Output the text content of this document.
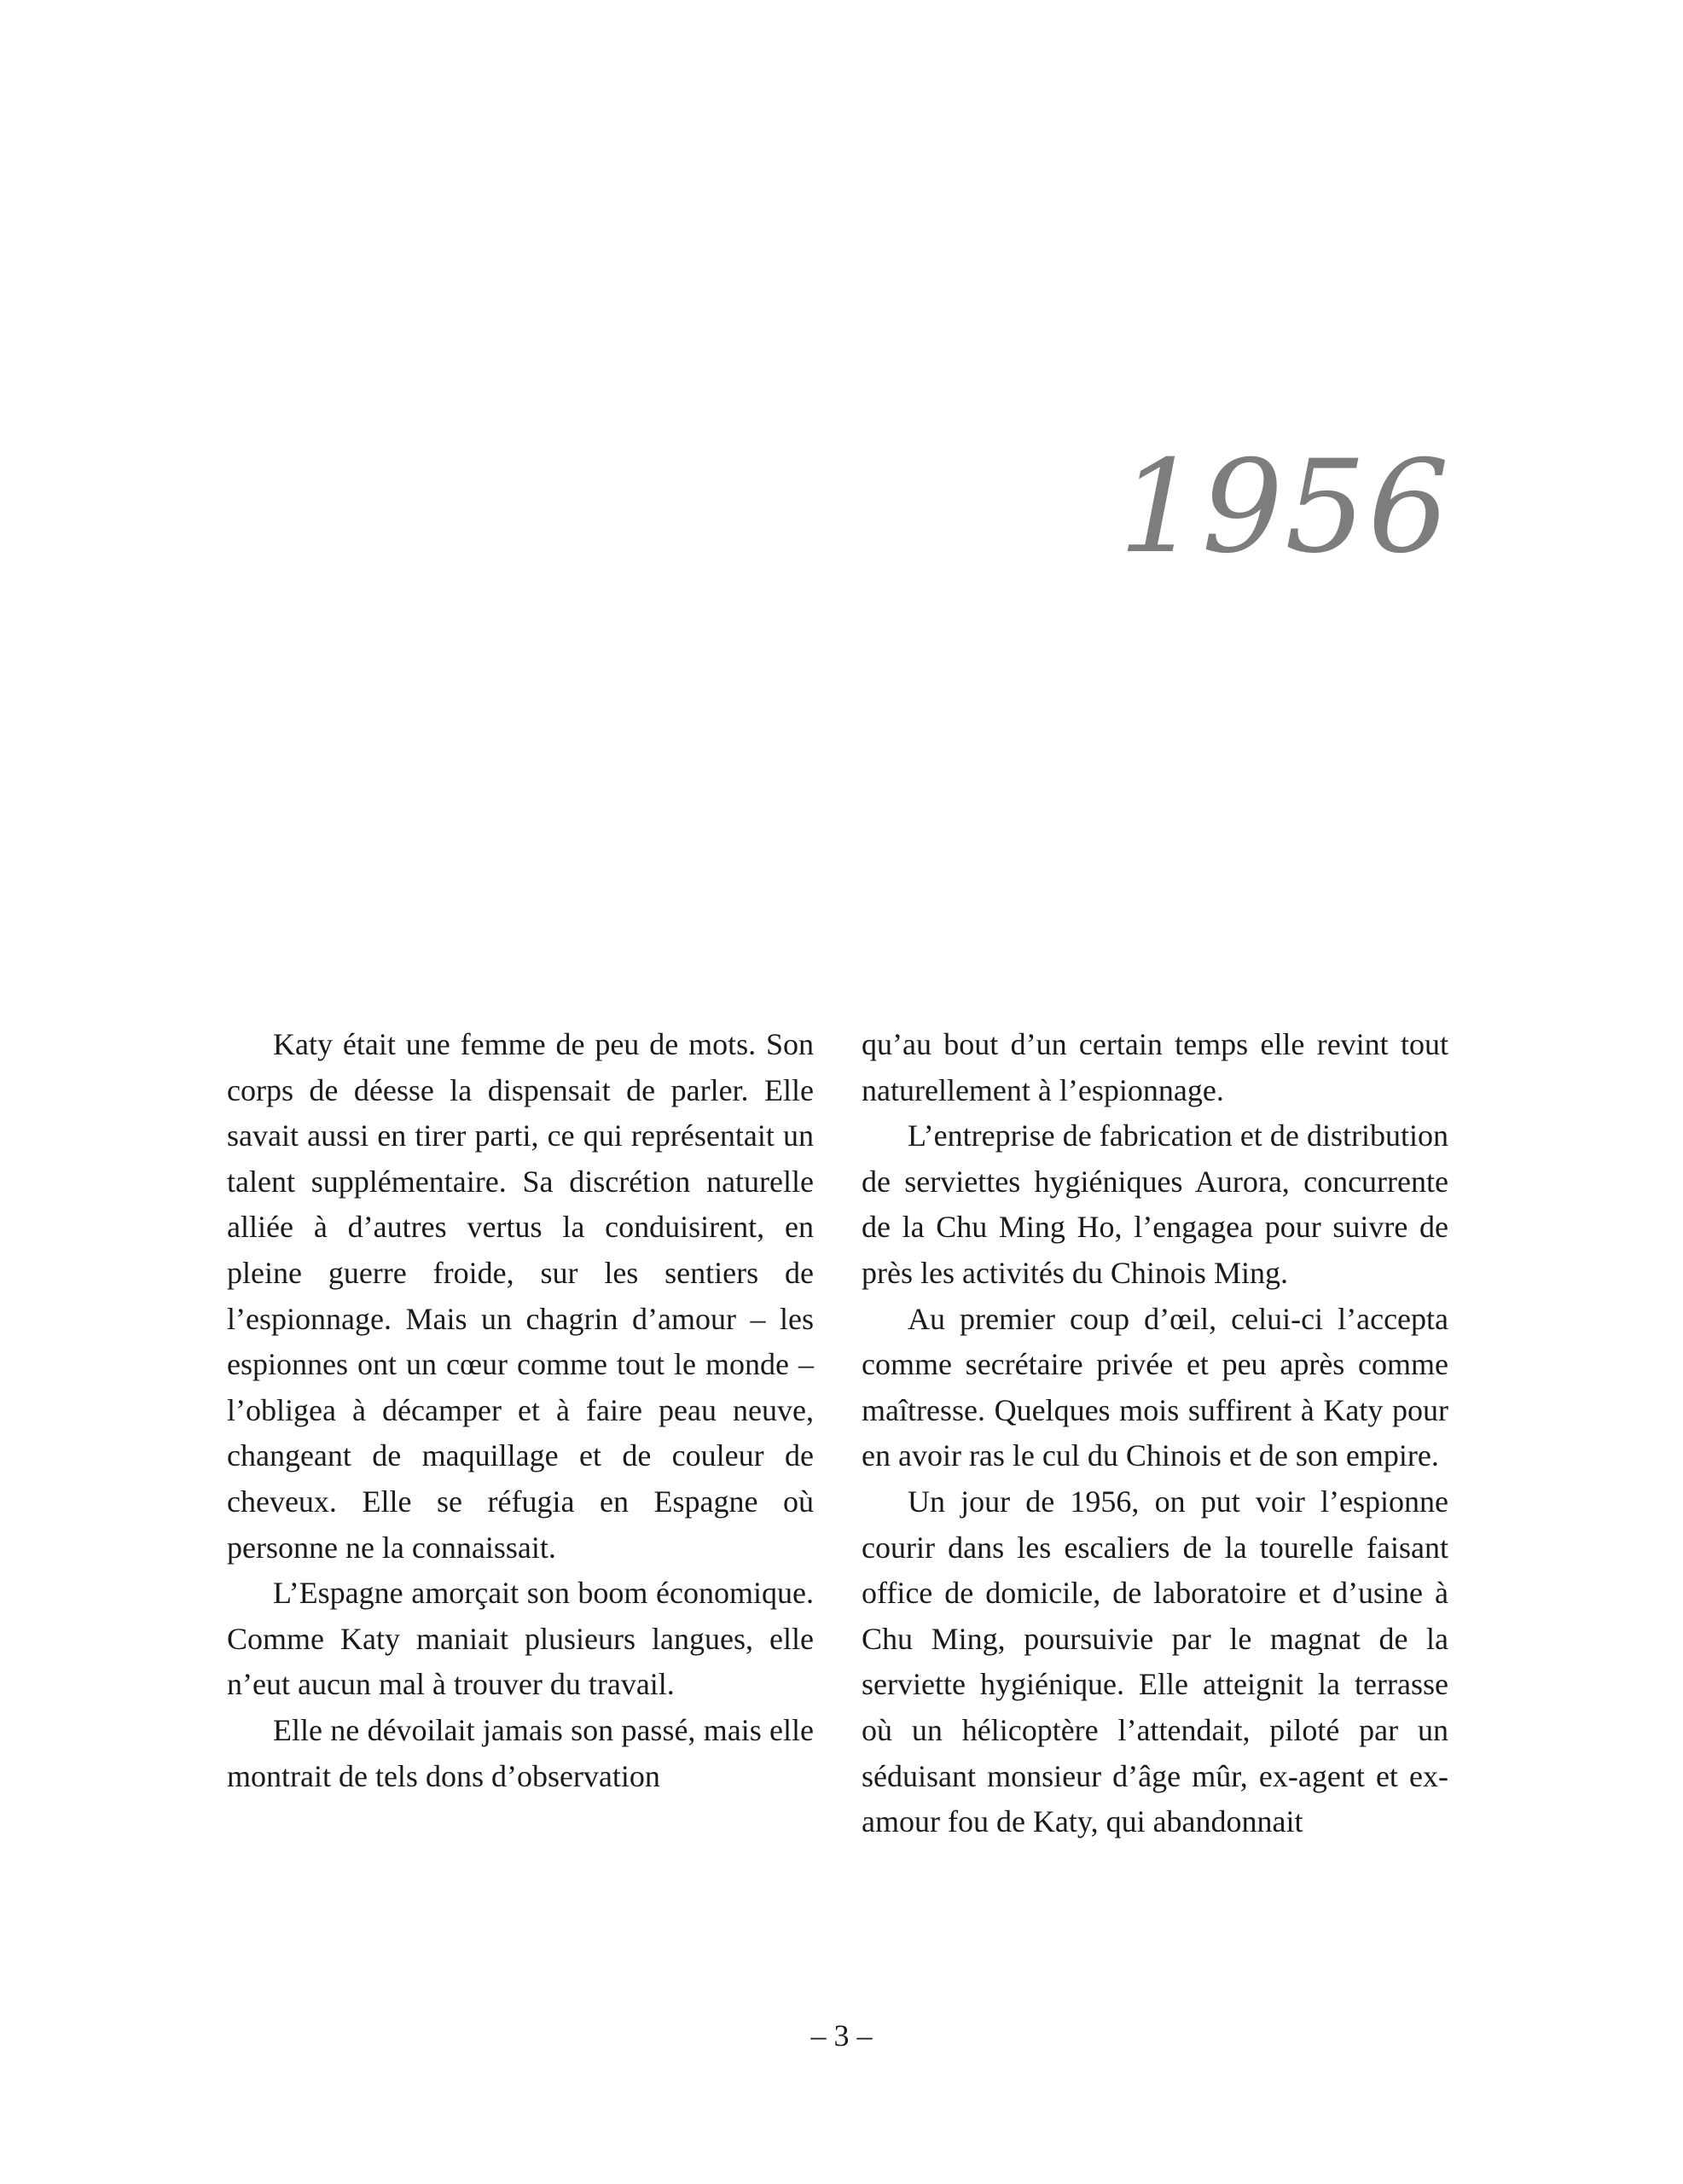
1956

Katy était une femme de peu de mots. Son corps de déesse la dispensait de parler. Elle savait aussi en tirer parti, ce qui représentait un talent supplémentaire. Sa discrétion naturelle alliée à d’autres vertus la conduisirent, en pleine guerre froide, sur les sentiers de l’espionnage. Mais un chagrin d’amour – les espionnes ont un cœur comme tout le monde – l’obligea à décamper et à faire peau neuve, changeant de maquillage et de couleur de cheveux. Elle se réfugia en Espagne où personne ne la connaissait.

L’Espagne amorçait son boom économique. Comme Katy maniait plusieurs langues, elle n’eut aucun mal à trouver du travail.

Elle ne dévoilait jamais son passé, mais elle montrait de tels dons d’observation

qu’au bout d’un certain temps elle revint tout naturellement à l’espionnage.

L’entreprise de fabrication et de distribution de serviettes hygiéniques Aurora, concurrente de la Chu Ming Ho, l’engagea pour suivre de près les activités du Chinois Ming.

Au premier coup d’œil, celui-ci l’accepta comme secrétaire privée et peu après comme maîtresse. Quelques mois suffirent à Katy pour en avoir ras le cul du Chinois et de son empire.

Un jour de 1956, on put voir l’espionne courir dans les escaliers de la tourelle faisant office de domicile, de laboratoire et d’usine à Chu Ming, poursuivie par le magnat de la serviette hygiénique. Elle atteignit la terrasse où un hélicoptère l’attendait, piloté par un séduisant monsieur d’âge mûr, ex-agent et ex-amour fou de Katy, qui abandonnait

– 3 –
